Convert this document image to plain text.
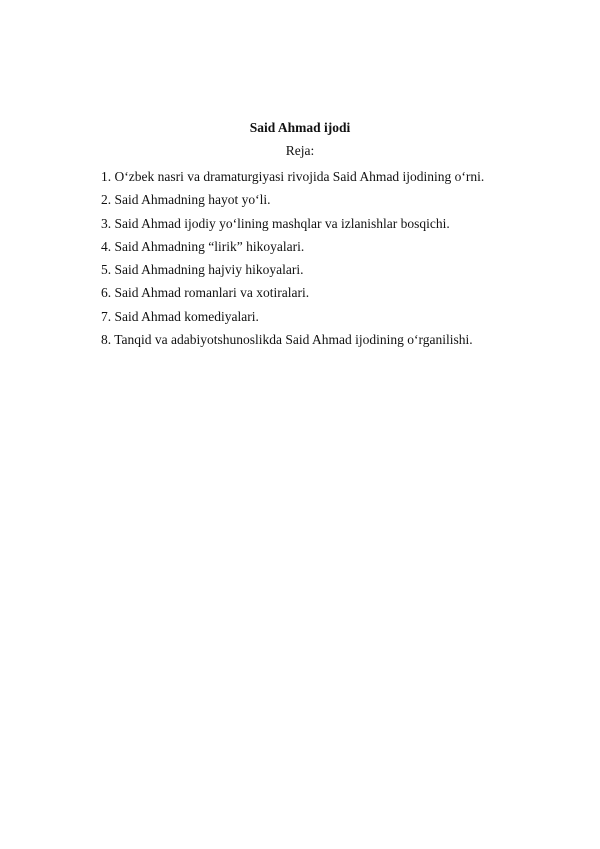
Said Ahmad ijodi
Reja:
1. O‘zbek nasri va dramaturgiyasi rivojida Said Ahmad ijodining o‘rni.
2. Said Ahmadning hayot yo‘li.
3. Said Ahmad ijodiy yo‘lining mashqlar va izlanishlar bosqichi.
4. Said Ahmadning “lirik” hikoyalari.
5. Said Ahmadning hajviy hikoyalari.
6. Said Ahmad romanlari va xotiralari.
7. Said Ahmad komediyalari.
8. Tanqid va adabiyotshunoslikda Said Ahmad ijodining o‘rganilishi.
